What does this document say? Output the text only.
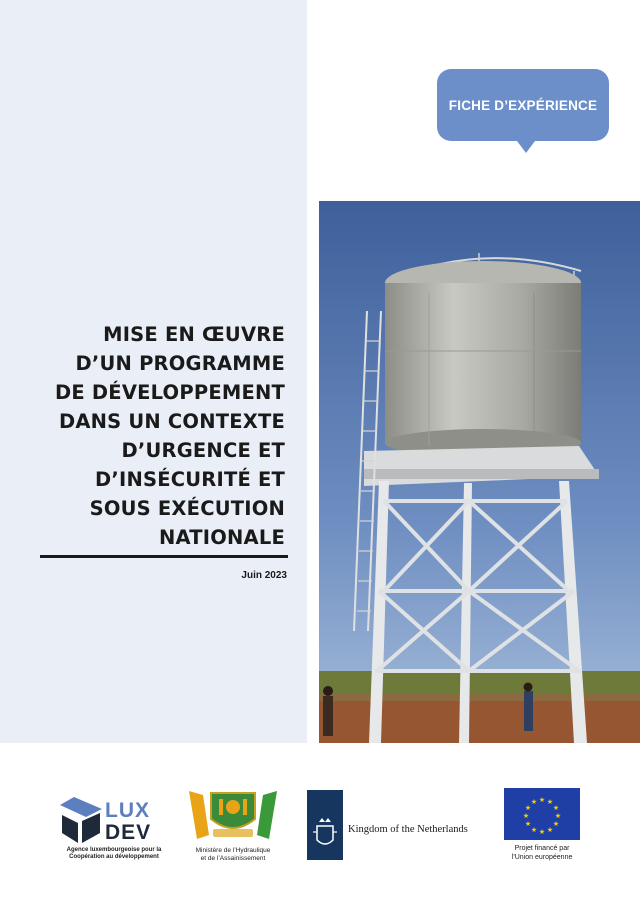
FICHE D’EXPÉRIENCE
MISE EN ŒUVRE
D’UN PROGRAMME
DE DÉVELOPPEMENT
DANS UN CONTEXTE
D’URGENCE ET
D’INSÉCURITÉ ET
SOUS EXÉCUTION
NATIONALE
Juin 2023
LUX
DEV
Agence luxembourgeoise pour la
Coopération au développement
Ministère de l’Hydraulique
et de l’Assainissement
Kingdom of the Netherlands
★ ★
★
★
★
★
★
★
★
★
★
★
Projet financé par
l’Union européenne
